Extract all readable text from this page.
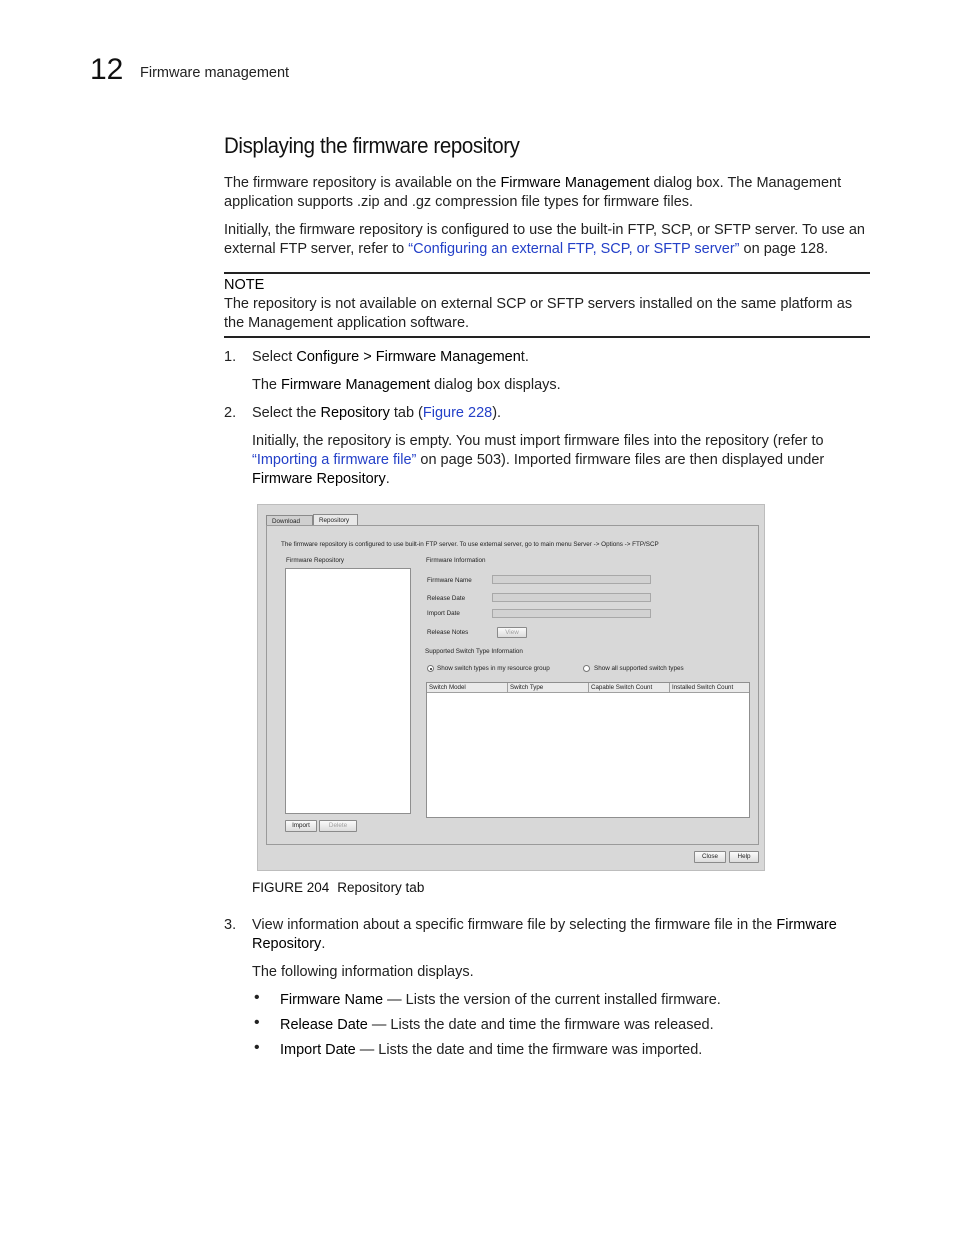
12 Firmware management
Displaying the firmware repository
The firmware repository is available on the Firmware Management dialog box. The Management
application supports .zip and .gz compression file types for firmware files.
Initially, the firmware repository is configured to use the built-in FTP, SCP, or SFTP server. To use an
external FTP server, refer to “Configuring an external FTP, SCP, or SFTP server” on page 128.
NOTE
The repository is not available on external SCP or SFTP servers installed on the same platform as
the Management application software.
1. Select Configure > Firmware Management.
The Firmware Management dialog box displays.
2. Select the Repository tab (Figure 228).
Initially, the repository is empty. You must import firmware files into the repository (refer to
“Importing a firmware file” on page 503). Imported firmware files are then displayed under
Firmware Repository.
Download	Repository
The firmware repository is configured to use built-in FTP server. To use external server, go to main menu Server -> Options -> FTP/SCP
Firmware Repository	Firmware Information
Firmware Name
Release Date
Import Date
Release Notes	View
Supported Switch Type Information
Show switch types in my resource group	Show all supported switch types
Switch Model	Switch Type	Capable Switch Count	Installed Switch Count
Import	Delete
Close	Help
FIGURE 204 Repository tab
3. View information about a specific firmware file by selecting the firmware file in the Firmware
Repository.
The following information displays.
• Firmware Name — Lists the version of the current installed firmware.
• Release Date — Lists the date and time the firmware was released.
• Import Date — Lists the date and time the firmware was imported.
